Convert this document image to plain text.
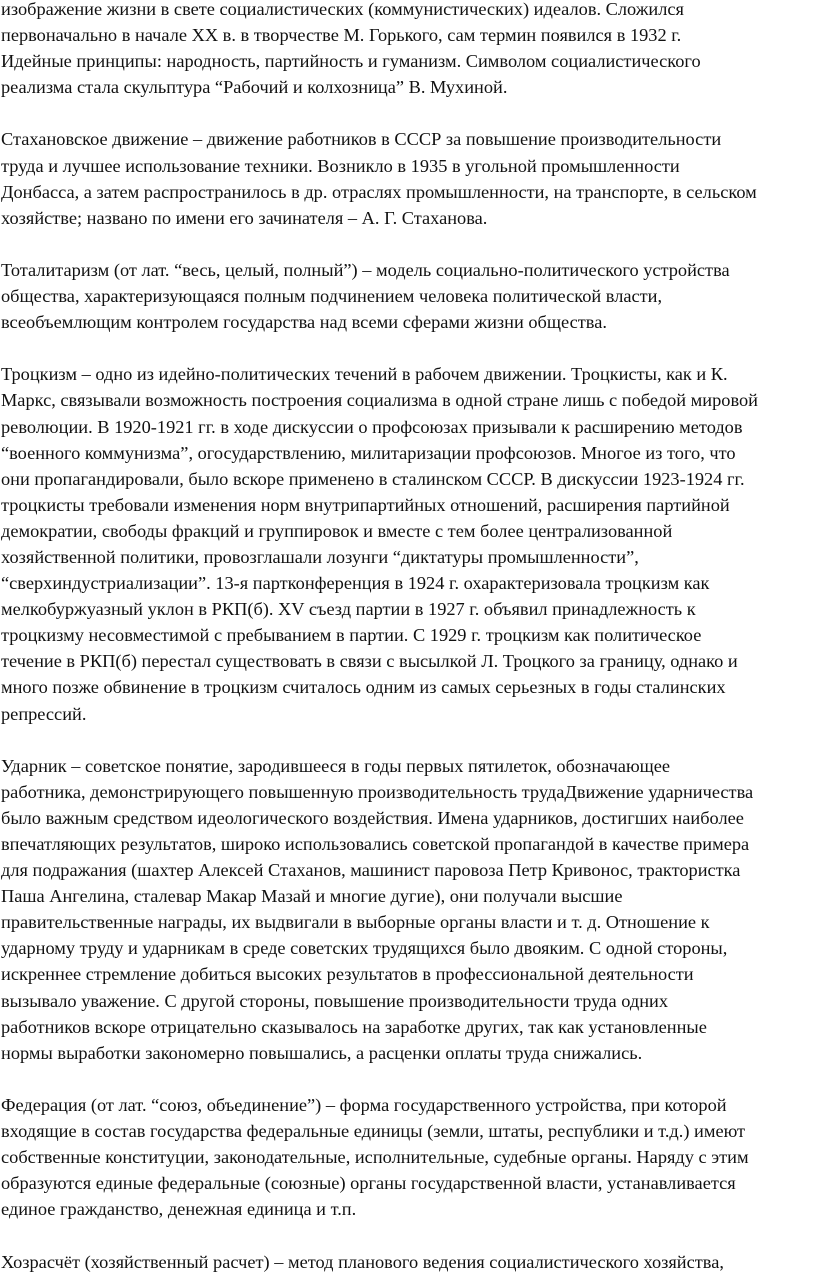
изображение жизни в свете социалистических (коммунистических) идеалов. Сложился
первоначально в начале XX в. в творчестве М. Горького, сам термин появился в 1932 г.
Идейные принципы: народность, партийность и гуманизм. Символом социалистического
реализма стала скульптура “Рабочий и колхозница” В. Мухиной.
Стахановское движение – движение работников в СССР за повышение производительности
труда и лучшее использование техники. Возникло в 1935 в угольной промышленности
Донбасса, а затем распространилось в др. отраслях промышленности, на транспорте, в сельском
хозяйстве; названо по имени его зачинателя – А. Г. Стаханова.
Тоталитаризм (от лат. “весь, целый, полный”) – модель социально-политического устройства
общества, характеризующаяся полным подчинением человека политической власти,
всеобъемлющим контролем государства над всеми сферами жизни общества.
Троцкизм – одно из идейно-политических течений в рабочем движении. Троцкисты, как и К.
Маркс, связывали возможность построения социализма в одной стране лишь с победой мировой
революции. В 1920-1921 гг. в ходе дискуссии о профсоюзах призывали к расширению методов
“военного коммунизма”, огосударствлению, милитаризации профсоюзов. Многое из того, что
они пропагандировали, было вскоре применено в сталинском СССР. В дискуссии 1923-1924 гг.
троцкисты требовали изменения норм внутрипартийных отношений, расширения партийной
демократии, свободы фракций и группировок и вместе с тем более централизованной
хозяйственной политики, провозглашали лозунги “диктатуры промышленности”,
“сверхиндустриализации”. 13-я партконференция в 1924 г. охарактеризовала троцкизм как
мелкобуржуазный уклон в РКП(б). XV съезд партии в 1927 г. объявил принадлежность к
троцкизму несовместимой с пребыванием в партии. С 1929 г. троцкизм как политическое
течение в РКП(б) перестал существовать в связи с высылкой Л. Троцкого за границу, однако и
много позже обвинение в троцкизм считалось одним из самых серьезных в годы сталинских
репрессий.
Ударник – советское понятие, зародившееся в годы первых пятилеток, обозначающее
работника, демонстрирующего повышенную производительность трудаДвижение ударничества
было важным средством идеологического воздействия. Имена ударников, достигших наиболее
впечатляющих результатов, широко использовались советской пропагандой в качестве примера
для подражания (шахтер Алексей Стаханов, машинист паровоза Петр Кривонос, трактористка
Паша Ангелина, сталевар Макар Мазай и многие дугие), они получали высшие
правительственные награды, их выдвигали в выборные органы власти и т. д. Отношение к
ударному труду и ударникам в среде советских трудящихся было двояким. С одной стороны,
искреннее стремление добиться высоких результатов в профессиональной деятельности
вызывало уважение. С другой стороны, повышение производительности труда одних
работников вскоре отрицательно сказывалось на заработке других, так как установленные
нормы выработки закономерно повышались, а расценки оплаты труда снижались.
Федерация (от лат. “союз, объединение”) – форма государственного устройства, при которой
входящие в состав государства федеральные единицы (земли, штаты, республики и т.д.) имеют
собственные конституции, законодательные, исполнительные, судебные органы. Наряду с этим
образуются единые федеральные (союзные) органы государственной власти, устанавливается
единое гражданство, денежная единица и т.п.
Хозрасчёт (хозяйственный расчет) – метод планового ведения социалистического хозяйства,
